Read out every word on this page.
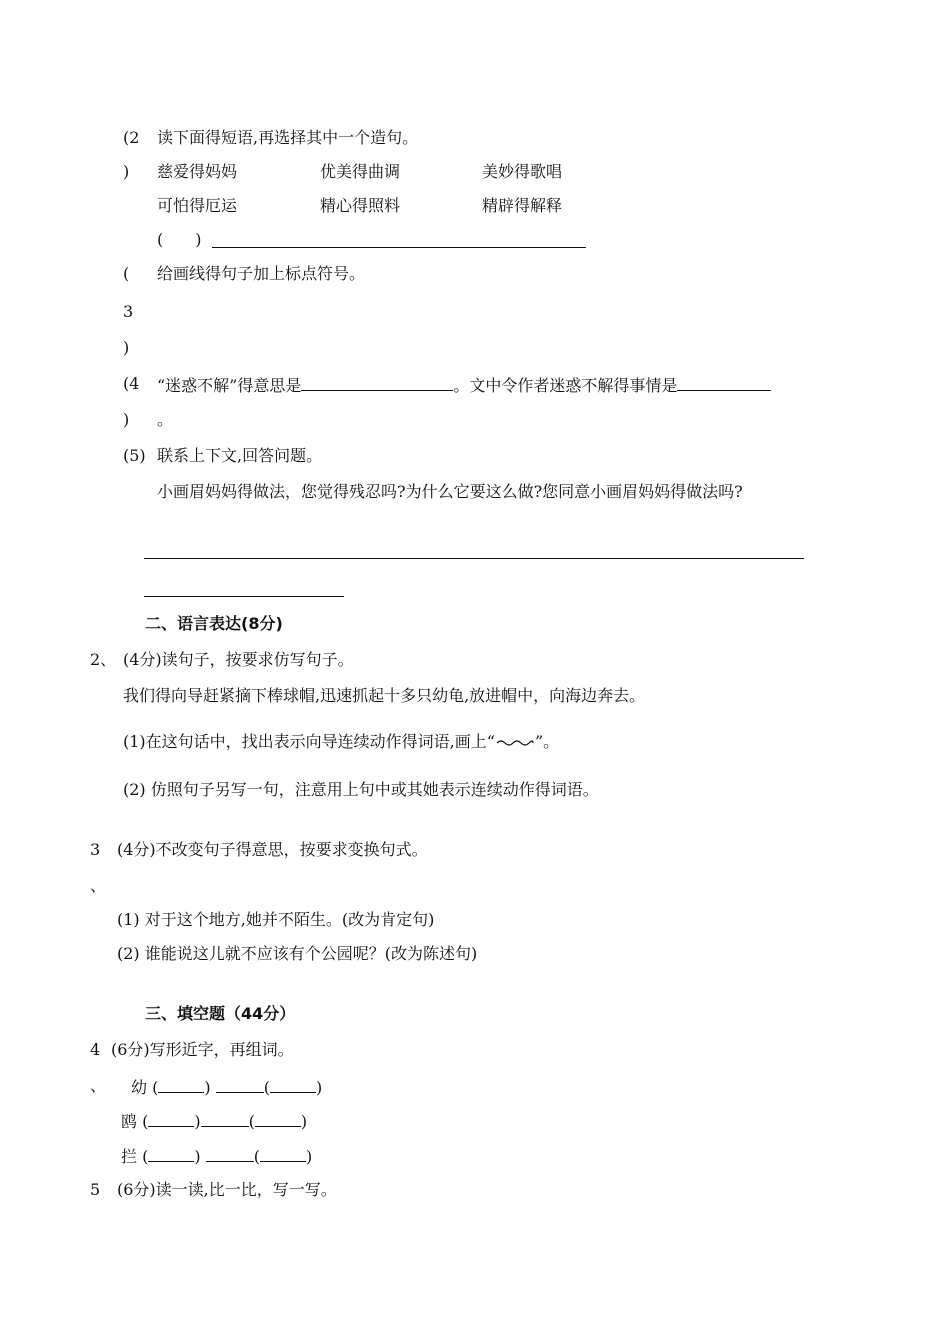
(2
)
读下面得短语,再选择其中一个造句。
慈爱得妈妈	优美得曲调	美妙得歌唱
可怕得厄运	精心得照料	精辟得解释
(　　)
( 给画线得句子加上标点符号。
3
)
(4
)
“迷惑不解”得意思是	。文中令作者迷惑不解得事情是
。
(5) 联系上下文,回答问题。
小画眉妈妈得做法，您觉得残忍吗?为什么它要这么做?您同意小画眉妈妈得做法吗?
二、语言表达(8分)
2、 (4分)读句子，按要求仿写句子。
我们得向导赶紧摘下棒球帽,迅速抓起十多只幼龟,放进帽中，向海边奔去。
(1)在这句话中，找出表示向导连续动作得词语,画上“	”。
(2) 仿照句子另写一句，注意用上句中或其她表示连续动作得词语。
3 (4分)不改变句子得意思，按要求变换句式。
、
(1) 对于这个地方,她并不陌生。(改为肯定句)
(2) 谁能说这儿就不应该有个公园呢？(改为陈述句)
三、填空题（44分）
4 (6分)写形近字，再组词。
、 幼 (	)	(	)
鸥 (	)	(	)
拦 (	)	(	)
5 (6分)读一读,比一比，写一写。
